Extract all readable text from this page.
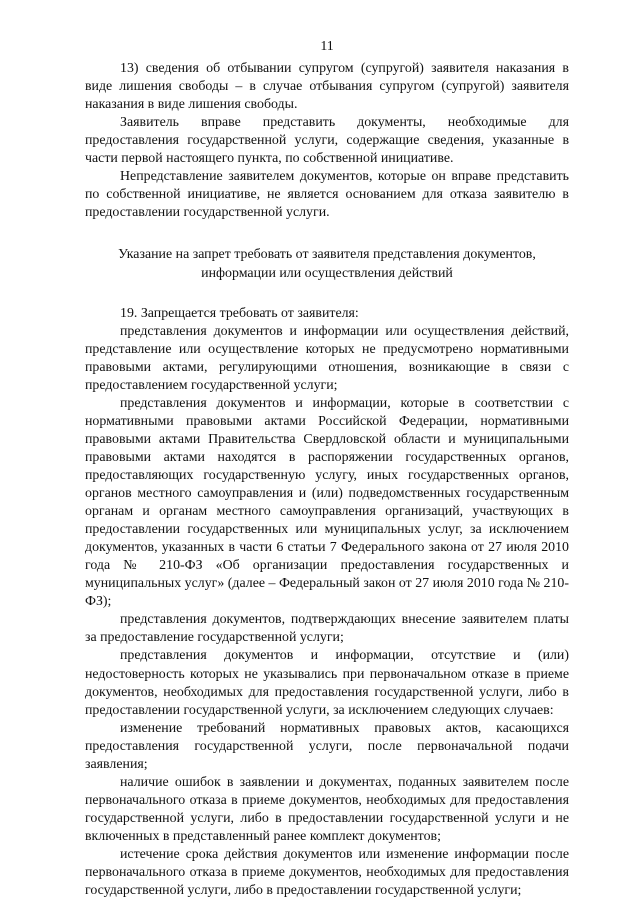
11

13) сведения об отбывании супругом (супругой) заявителя наказания в виде лишения свободы – в случае отбывания супругом (супругой) заявителя наказания в виде лишения свободы.

Заявитель вправе представить документы, необходимые для предоставления государственной услуги, содержащие сведения, указанные в части первой настоящего пункта, по собственной инициативе.

Непредставление заявителем документов, которые он вправе представить по собственной инициативе, не является основанием для отказа заявителю в предоставлении государственной услуги.

Указание на запрет требовать от заявителя представления документов,
информации или осуществления действий

19. Запрещается требовать от заявителя:

представления документов и информации или осуществления действий, представление или осуществление которых не предусмотрено нормативными правовыми актами, регулирующими отношения, возникающие в связи с предоставлением государственной услуги;

представления документов и информации, которые в соответствии с нормативными правовыми актами Российской Федерации, нормативными правовыми актами Правительства Свердловской области и муниципальными правовыми актами находятся в распоряжении государственных органов, предоставляющих государственную услугу, иных государственных органов, органов местного самоуправления и (или) подведомственных государственным органам и органам местного самоуправления организаций, участвующих в предоставлении государственных или муниципальных услуг, за исключением документов, указанных в части 6 статьи 7 Федерального закона от 27 июля 2010 года № 210-ФЗ «Об организации предоставления государственных и муниципальных услуг» (далее – Федеральный закон от 27 июля 2010 года № 210-ФЗ);

представления документов, подтверждающих внесение заявителем платы за предоставление государственной услуги;

представления документов и информации, отсутствие и (или) недостоверность которых не указывались при первоначальном отказе в приеме документов, необходимых для предоставления государственной услуги, либо в предоставлении государственной услуги, за исключением следующих случаев:

изменение требований нормативных правовых актов, касающихся предоставления государственной услуги, после первоначальной подачи заявления;

наличие ошибок в заявлении и документах, поданных заявителем после первоначального отказа в приеме документов, необходимых для предоставления государственной услуги, либо в предоставлении государственной услуги и не включенных в представленный ранее комплект документов;

истечение срока действия документов или изменение информации после первоначального отказа в приеме документов, необходимых для предоставления государственной услуги, либо в предоставлении государственной услуги;
